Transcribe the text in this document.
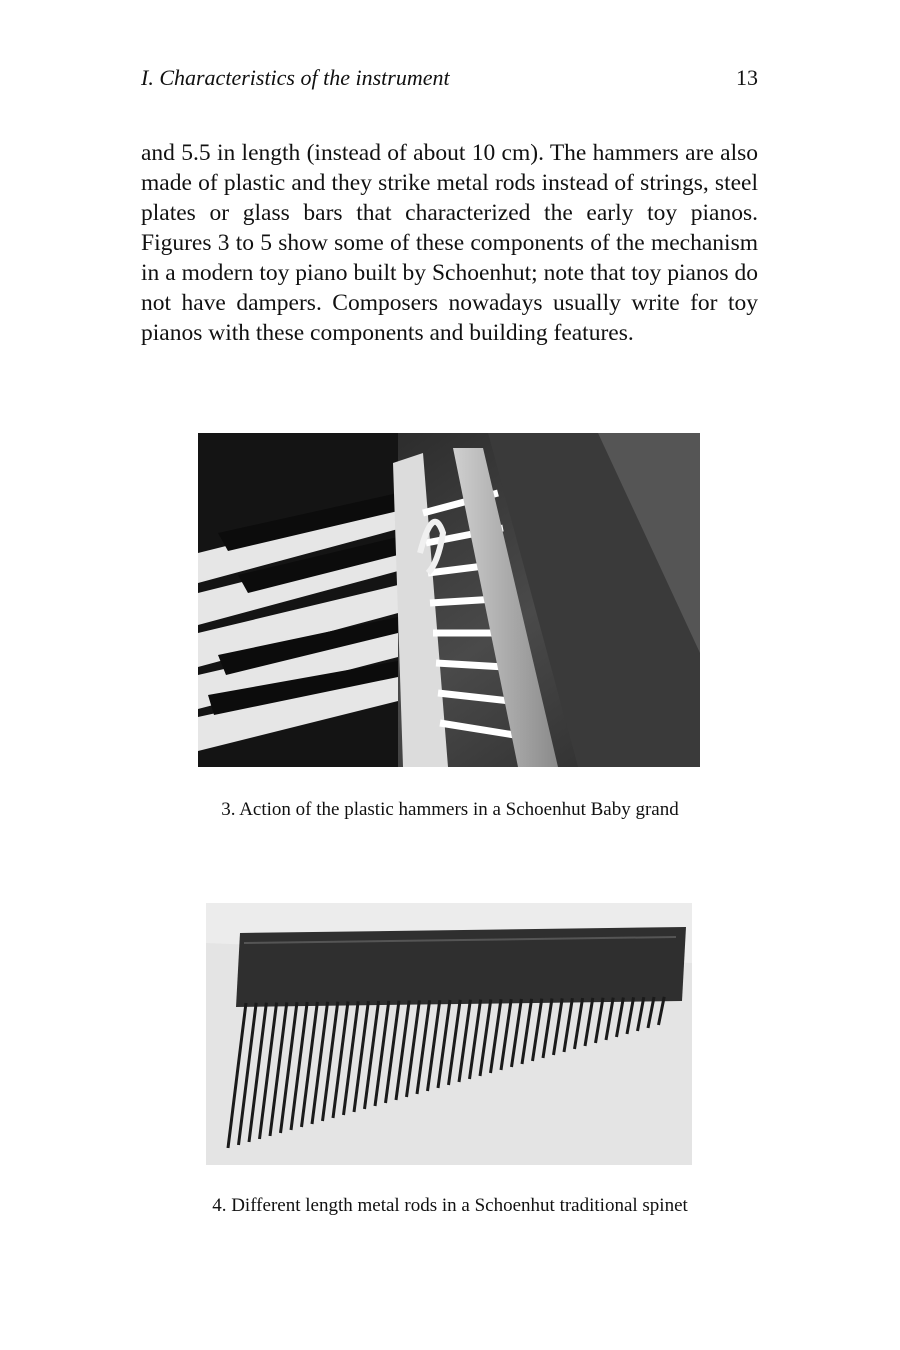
I. Characteristics of the instrument	13

and 5.5 in length (instead of about 10 cm). The hammers are also made of plastic and they strike metal rods instead of strings, steel plates or glass bars that characterized the early toy pianos. Figures 3 to 5 show some of these components of the mechanism in a modern toy piano built by Schoenhut; note that toy pianos do not have dampers. Composers nowadays usually write for toy pianos with these components and building features.

3. Action of the plastic hammers in a Schoenhut Baby grand
4. Different length metal rods in a Schoenhut traditional spinet
